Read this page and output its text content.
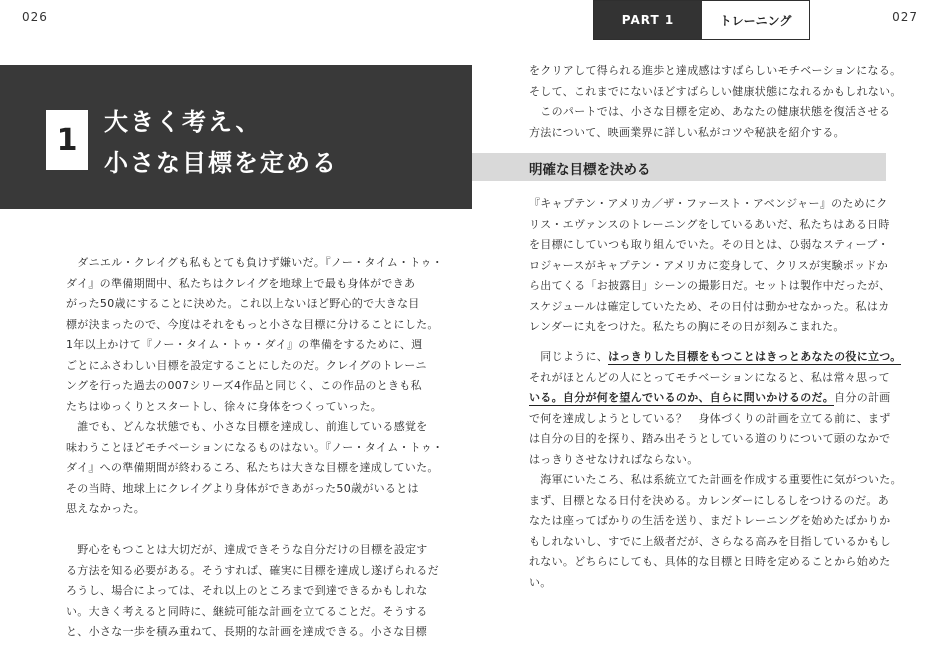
026	027
PART 1	トレーニング
1
大きく考え、
小さな目標を定める

　ダニエル・クレイグも私もとても負けず嫌いだ。『ノー・タイム・トゥ・

ダイ』の準備期間中、私たちはクレイグを地球上で最も身体ができあ

がった50歳にすることに決めた。これ以上ないほど野心的で大きな目

標が決まったので、今度はそれをもっと小さな目標に分けることにした。

1年以上かけて『ノー・タイム・トゥ・ダイ』の準備をするために、週

ごとにふさわしい目標を設定することにしたのだ。クレイグのトレーニ

ングを行った過去の007シリーズ4作品と同じく、この作品のときも私

たちはゆっくりとスタートし、徐々に身体をつくっていった。

　誰でも、どんな状態でも、小さな目標を達成し、前進している感覚を

味わうことほどモチベーションになるものはない。『ノー・タイム・トゥ・

ダイ』への準備期間が終わるころ、私たちは大きな目標を達成していた。

その当時、地球上にクレイグより身体ができあがった50歳がいるとは

思えなかった。

　野心をもつことは大切だが、達成できそうな自分だけの目標を設定す

る方法を知る必要がある。そうすれば、確実に目標を達成し遂げられるだ

ろうし、場合によっては、それ以上のところまで到達できるかもしれな

い。大きく考えると同時に、継続可能な計画を立てることだ。そうする

と、小さな一歩を積み重ねて、長期的な計画を達成できる。小さな目標

をクリアして得られる進歩と達成感はすばらしいモチベーションになる。

そして、これまでにないほどすばらしい健康状態になれるかもしれない。

　このパートでは、小さな目標を定め、あなたの健康状態を復活させる

方法について、映画業界に詳しい私がコツや秘訣を紹介する。

明確な目標を決める

『キャプテン・アメリカ／ザ・ファースト・アベンジャー』のためにク

リス・エヴァンスのトレーニングをしているあいだ、私たちはある日時

を目標にしていつも取り組んでいた。その日とは、ひ弱なスティーブ・

ロジャースがキャプテン・アメリカに変身して、クリスが実験ポッドか

ら出てくる「お披露目」シーンの撮影日だ。セットは製作中だったが、

スケジュールは確定していたため、その日付は動かせなかった。私はカ

レンダーに丸をつけた。私たちの胸にその日が刻みこまれた。

　同じように、はっきりした目標をもつことはきっとあなたの役に立つ。

それがほとんどの人にとってモチベーションになると、私は常々思って

いる。自分が何を望んでいるのか、自らに問いかけるのだ。自分の計画

で何を達成しようとしている？　身体づくりの計画を立てる前に、まず

は自分の目的を探り、踏み出そうとしている道のりについて頭のなかで

はっきりさせなければならない。

　海軍にいたころ、私は系統立てた計画を作成する重要性に気がついた。

まず、目標となる日付を決める。カレンダーにしるしをつけるのだ。あ

なたは座ってばかりの生活を送り、まだトレーニングを始めたばかりか

もしれないし、すでに上級者だが、さらなる高みを目指しているかもし

れない。どちらにしても、具体的な目標と日時を定めることから始めた

い。
